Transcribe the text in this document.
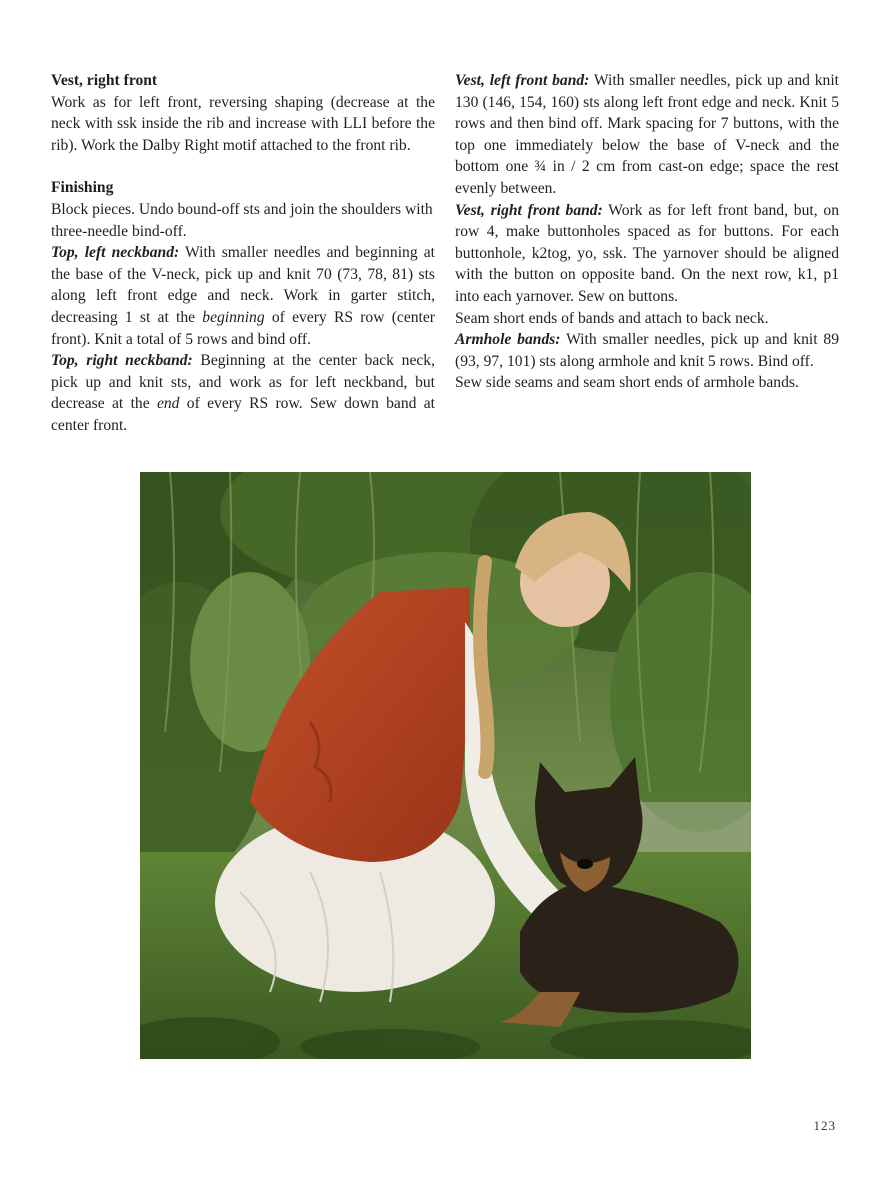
Vest, right front

Work as for left front, reversing shaping (decrease at the neck with ssk inside the rib and increase with LLI before the rib). Work the Dalby Right motif attached to the front rib.

Finishing

Block pieces. Undo bound-off sts and join the shoulders with three-needle bind-off.

Top, left neckband: With smaller needles and beginning at the base of the V-neck, pick up and knit 70 (73, 78, 81) sts along left front edge and neck. Work in garter stitch, decreasing 1 st at the beginning of every RS row (center front). Knit a total of 5 rows and bind off.

Top, right neckband: Beginning at the center back neck, pick up and knit sts, and work as for left neckband, but decrease at the end of every RS row. Sew down band at center front.

Vest, left front band: With smaller needles, pick up and knit 130 (146, 154, 160) sts along left front edge and neck. Knit 5 rows and then bind off. Mark spacing for 7 buttons, with the top one immediately below the base of V-neck and the bottom one ¾ in / 2 cm from cast-on edge; space the rest evenly between.

Vest, right front band: Work as for left front band, but, on row 4, make buttonholes spaced as for buttons. For each buttonhole, k2tog, yo, ssk. The yarnover should be aligned with the button on opposite band. On the next row, k1, p1 into each yarnover. Sew on buttons.

Seam short ends of bands and attach to back neck.

Armhole bands: With smaller needles, pick up and knit 89 (93, 97, 101) sts along armhole and knit 5 rows. Bind off.

Sew side seams and seam short ends of armhole bands.

123
